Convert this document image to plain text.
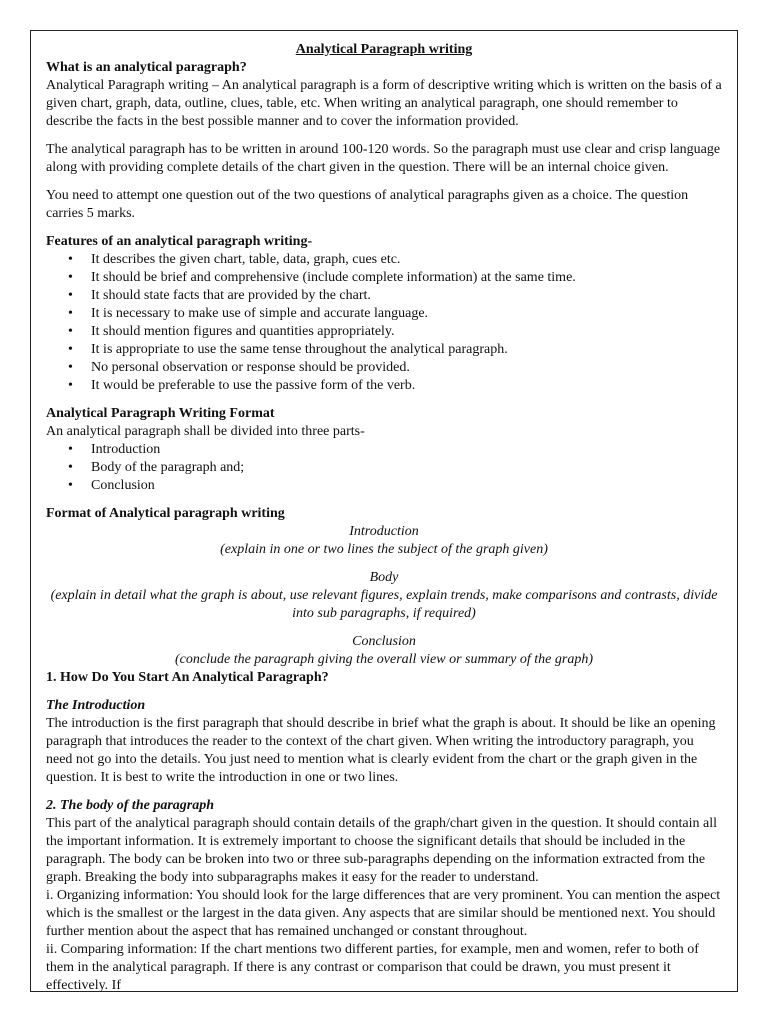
Analytical Paragraph writing

What is an analytical paragraph?

Analytical Paragraph writing – An analytical paragraph is a form of descriptive writing which is written on the basis of a given chart, graph, data, outline, clues, table, etc. When writing an analytical paragraph, one should remember to describe the facts in the best possible manner and to cover the information provided.

The analytical paragraph has to be written in around 100-120 words. So the paragraph must use clear and crisp language along with providing complete details of the chart given in the question. There will be an internal choice given.

You need to attempt one question out of the two questions of analytical paragraphs given as a choice. The question carries 5 marks.

Features of an analytical paragraph writing-

• It describes the given chart, table, data, graph, cues etc.
• It should be brief and comprehensive (include complete information) at the same time.
• It should state facts that are provided by the chart.
• It is necessary to make use of simple and accurate language.
• It should mention figures and quantities appropriately.
• It is appropriate to use the same tense throughout the analytical paragraph.
• No personal observation or response should be provided.
• It would be preferable to use the passive form of the verb.

Analytical Paragraph Writing Format

An analytical paragraph shall be divided into three parts-

• Introduction
• Body of the paragraph and;
• Conclusion

Format of Analytical paragraph writing

Introduction

(explain in one or two lines the subject of the graph given)

Body

(explain in detail what the graph is about, use relevant figures, explain trends, make comparisons and contrasts, divide into sub paragraphs, if required)

Conclusion

(conclude the paragraph giving the overall view or summary of the graph)

1. How Do You Start An Analytical Paragraph?

The Introduction

The introduction is the first paragraph that should describe in brief what the graph is about. It should be like an opening paragraph that introduces the reader to the context of the chart given. When writing the introductory paragraph, you need not go into the details. You just need to mention what is clearly evident from the chart or the graph given in the question. It is best to write the introduction in one or two lines.

2. The body of the paragraph

This part of the analytical paragraph should contain details of the graph/chart given in the question. It should contain all the important information. It is extremely important to choose the significant details that should be included in the paragraph. The body can be broken into two or three sub-paragraphs depending on the information extracted from the graph. Breaking the body into subparagraphs makes it easy for the reader to understand.

i. Organizing information: You should look for the large differences that are very prominent. You can mention the aspect which is the smallest or the largest in the data given. Any aspects that are similar should be mentioned next. You should further mention about the aspect that has remained unchanged or constant throughout.

ii. Comparing information: If the chart mentions two different parties, for example, men and women, refer to both of them in the analytical paragraph. If there is any contrast or comparison that could be drawn, you must present it effectively. If
